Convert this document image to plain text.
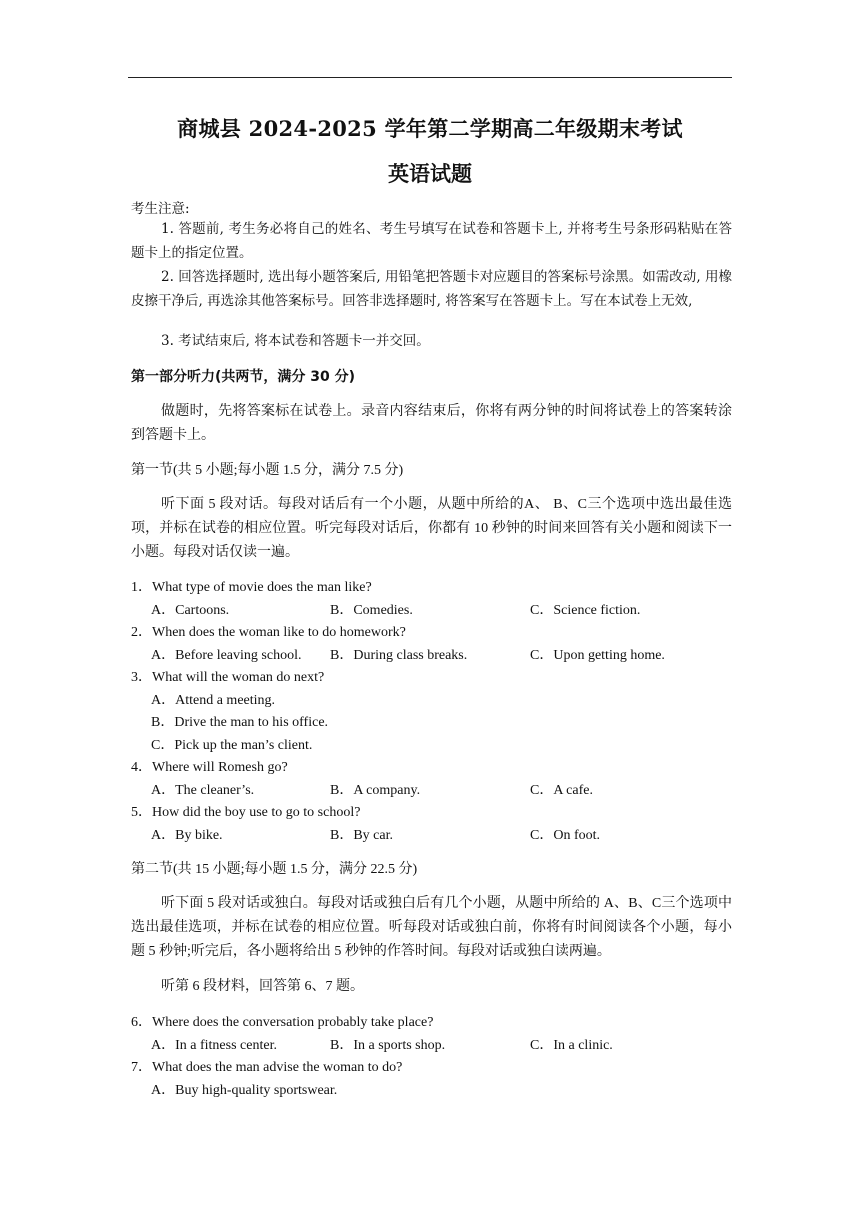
商城县 2024-2025 学年第二学期高二年级期末考试
英语试题
考生注意:
1. 答题前, 考生务必将自己的姓名、考生号填写在试卷和答题卡上, 并将考生号条形码粘贴在答题卡上的指定位置。
2. 回答选择题时, 选出每小题答案后, 用铅笔把答题卡对应题目的答案标号涂黑。如需改动, 用橡皮擦干净后, 再选涂其他答案标号。回答非选择题时, 将答案写在答题卡上。写在本试卷上无效,
3. 考试结束后, 将本试卷和答题卡一并交回。
第一部分听力(共两节，满分 30 分)
做题时，先将答案标在试卷上。录音内容结束后，你将有两分钟的时间将试卷上的答案转涂到答题卡上。
第一节(共 5 小题;每小题 1.5 分，满分 7.5 分)
听下面 5 段对话。每段对话后有一个小题，从题中所给的A、 B、C三个选项中选出最佳选项，并标在试卷的相应位置。听完每段对话后，你都有 10 秒钟的时间来回答有关小题和阅读下一小题。每段对话仅读一遍。
1．What type of movie does the man like?
A．Cartoons.	B．Comedies.	C．Science fiction.
2．When does the woman like to do homework?
A．Before leaving school. B．During class breaks.	C．Upon getting home.
3．What will the woman do next?
A．Attend a meeting.
B．Drive the man to his office.
C．Pick up the man’s client.
4．Where will Romesh go?
A．The cleaner’s.	B．A company.	C．A cafe.
5．How did the boy use to go to school?
A．By bike.	B．By car.	C．On foot.
第二节(共 15 小题;每小题 1.5 分，满分 22.5 分)
听下面 5 段对话或独白。每段对话或独白后有几个小题，从题中所给的 A、B、C三个选项中选出最佳选项，并标在试卷的相应位置。听每段对话或独白前，你将有时间阅读各个小题，每小题 5 秒钟;听完后，各小题将给出 5 秒钟的作答时间。每段对话或独白读两遍。
听第 6 段材料，回答第 6、7 题。
6．Where does the conversation probably take place?
A．In a fitness center.	B．In a sports shop.	C．In a clinic.
7．What does the man advise the woman to do?
A．Buy high-quality sportswear.
